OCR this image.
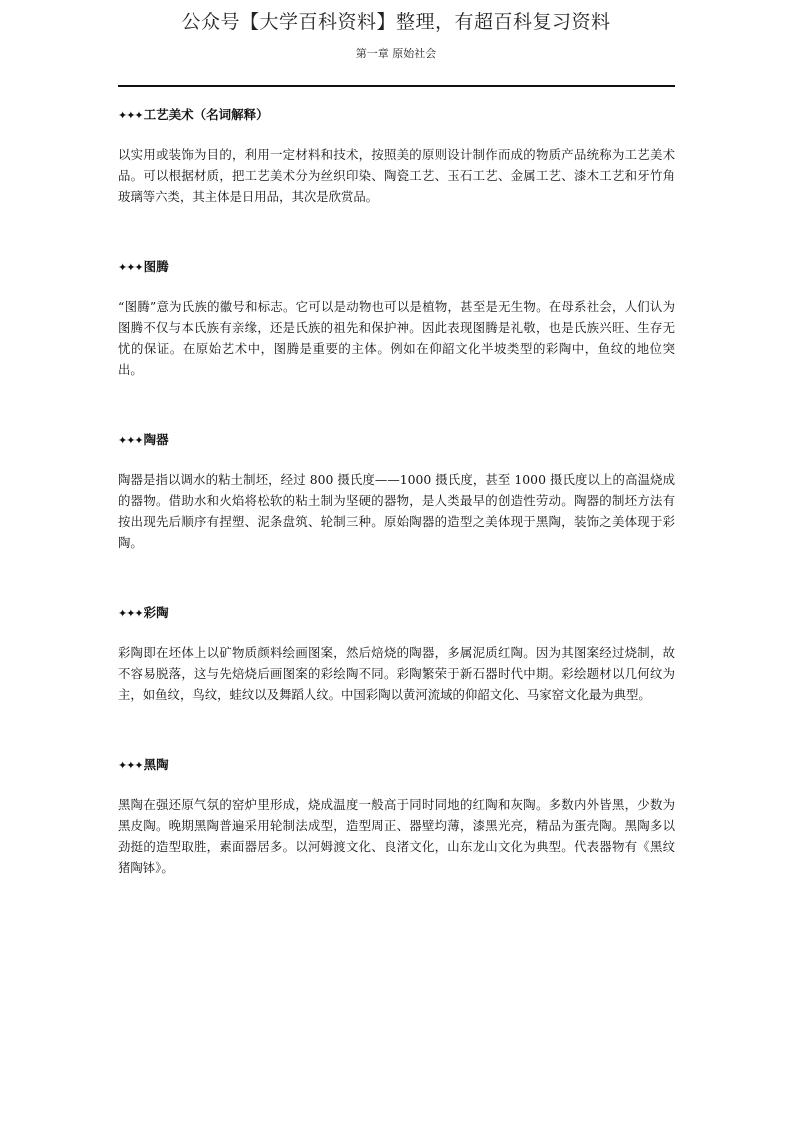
公众号【大学百科资料】整理，有超百科复习资料
第一章 原始社会

✦✦✦工艺美术（名词解释）

以实用或装饰为目的，利用一定材料和技术，按照美的原则设计制作而成的物质产品统称为工艺美术品。可以根据材质，把工艺美术分为丝织印染、陶瓷工艺、玉石工艺、金属工艺、漆木工艺和牙竹角玻璃等六类，其主体是日用品，其次是欣赏品。

✦✦✦图腾

“图腾”意为氏族的徽号和标志。它可以是动物也可以是植物，甚至是无生物。在母系社会，人们认为图腾不仅与本氏族有亲缘，还是氏族的祖先和保护神。因此表现图腾是礼敬，也是氏族兴旺、生存无忧的保证。在原始艺术中，图腾是重要的主体。例如在仰韶文化半坡类型的彩陶中，鱼纹的地位突出。

✦✦✦陶器

陶器是指以调水的粘土制坯，经过 800 摄氏度——1000 摄氏度，甚至 1000 摄氏度以上的高温烧成的器物。借助水和火焰将松软的粘土制为坚硬的器物，是人类最早的创造性劳动。陶器的制坯方法有按出现先后顺序有捏塑、泥条盘筑、轮制三种。原始陶器的造型之美体现于黑陶，装饰之美体现于彩陶。

✦✦✦彩陶

彩陶即在坯体上以矿物质颜料绘画图案，然后焙烧的陶器，多属泥质红陶。因为其图案经过烧制，故不容易脱落，这与先焙烧后画图案的彩绘陶不同。彩陶繁荣于新石器时代中期。彩绘题材以几何纹为主，如鱼纹，鸟纹，蛙纹以及舞蹈人纹。中国彩陶以黄河流域的仰韶文化、马家窑文化最为典型。

✦✦✦黑陶

黑陶在强还原气氛的窑炉里形成，烧成温度一般高于同时同地的红陶和灰陶。多数内外皆黑，少数为黑皮陶。晚期黑陶普遍采用轮制法成型，造型周正、器壁均薄，漆黑光亮，精品为蛋壳陶。黑陶多以劲挺的造型取胜，素面器居多。以河姆渡文化、良渚文化，山东龙山文化为典型。代表器物有《黑纹猪陶钵》。
